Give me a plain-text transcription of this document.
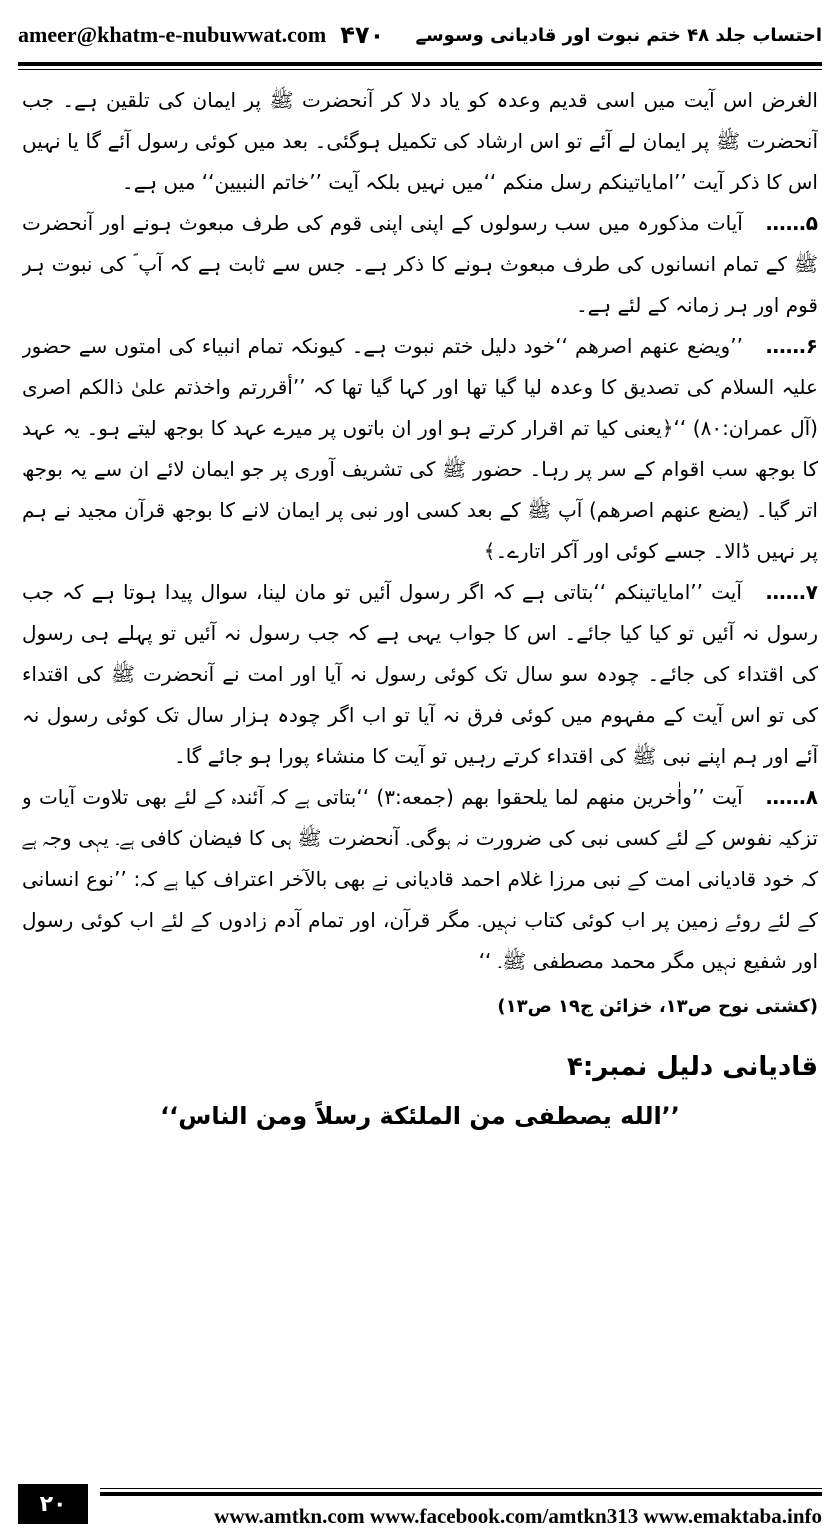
ameer@khatm-e-nubuwwat.com ۴۷۰ احتساب جلد ۴۸ ختم نبوت اور قادیانی وسوسے

الغرض اس آیت میں اسی قدیم وعدہ کو یاد دلا کر آنحضرت ﷺ پر ایمان کی تلقین ہے۔ جب آنحضرت ﷺ پر ایمان لے آئے تو اس ارشاد کی تکمیل ہوگئی۔ بعد میں کوئی رسول آئے گا یا نہیں اس کا ذکر آیت ’’امایاتینکم رسل منکم ‘‘میں نہیں بلکہ آیت ’’خاتم النبیین‘‘ میں ہے۔

۵…… آیات مذکورہ میں سب رسولوں کے اپنی اپنی قوم کی طرف مبعوث ہونے اور آنحضرت ﷺ کے تمام انسانوں کی طرف مبعوث ہونے کا ذکر ہے۔ جس سے ثابت ہے کہ آپ ؐ کی نبوت ہر قوم اور ہر زمانہ کے لئے ہے۔

۶…… ’’ویضع عنهم اصرهم ‘‘خود دلیل ختم نبوت ہے۔ کیونکہ تمام انبیاء کی امتوں سے حضور علیہ السلام کی تصدیق کا وعدہ لیا گیا تھا اور کہا گیا تھا کہ ’’أقررتم واخذتم علیٰ ذالکم اصری (آل عمران:۸۰) ‘‘﴿یعنی کیا تم اقرار کرتے ہو اور ان باتوں پر میرے عہد کا بوجھ لیتے ہو۔ یہ عہد کا بوجھ سب اقوام کے سر پر رہا۔ حضور ﷺ کی تشریف آوری پر جو ایمان لائے ان سے یہ بوجھ اتر گیا۔ (یضع عنهم اصرهم) آپ ﷺ کے بعد کسی اور نبی پر ایمان لانے کا بوجھ قرآن مجید نے ہم پر نہیں ڈالا۔ جسے کوئی اور آکر اتارے۔﴾

۷…… آیت ’’امایاتینکم ‘‘بتاتی ہے کہ اگر رسول آئیں تو مان لینا، سوال پیدا ہوتا ہے کہ جب رسول نہ آئیں تو کیا کیا جائے۔ اس کا جواب یہی ہے کہ جب رسول نہ آئیں تو پہلے ہی رسول کی اقتداء کی جائے۔ چودہ سو سال تک کوئی رسول نہ آیا اور امت نے آنحضرت ﷺ کی اقتداء کی تو اس آیت کے مفہوم میں کوئی فرق نہ آیا تو اب اگر چودہ ہزار سال تک کوئی رسول نہ آئے اور ہم اپنے نبی ﷺ کی اقتداء کرتے رہیں تو آیت کا منشاء پورا ہو جائے گا۔

۸…… آیت ’’واٰخرین منهم لما یلحقوا بهم (جمعه:۳) ‘‘بتاتی ہے کہ آئندہ کے لئے بھی تلاوت آیات و تزکیہ نفوس کے لئے کسی نبی کی ضرورت نہ ہوگی۔ آنحضرت ﷺ ہی کا فیضان کافی ہے۔ یہی وجہ ہے کہ خود قادیانی امت کے نبی مرزا غلام احمد قادیانی نے بھی بالآخر اعتراف کیا ہے کہ: ’’نوع انسانی کے لئے روئے زمین پر اب کوئی کتاب نہیں۔ مگر قرآن، اور تمام آدم زادوں کے لئے اب کوئی رسول اور شفیع نہیں مگر محمد مصطفی ﷺ۔ ‘‘

(کشتی نوح ص۱۳، خزائن ج۱۹ ص۱۳)

قادیانی دلیل نمبر:۴

’’الله یصطفی من الملئکة رسلاً ومن الناس‘‘

۲۰	www.amtkn.com www.facebook.com/amtkn313 www.emaktaba.info
